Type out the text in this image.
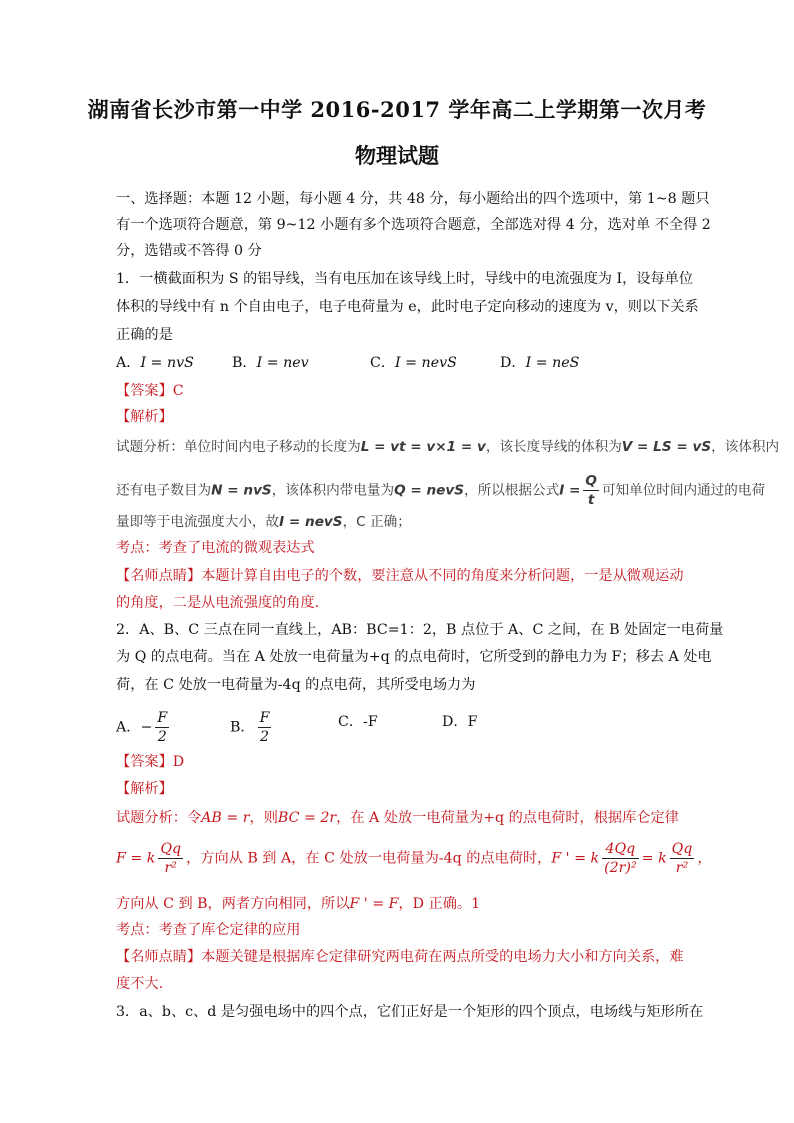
湖南省长沙市第一中学 2016-2017 学年高二上学期第一次月考
物理试题
一、选择题：本题 12 小题，每小题 4 分，共 48 分，每小题给出的四个选项中，第 1~8 题只
有一个选项符合题意，第 9~12 小题有多个选项符合题意，全部选对得 4 分，选对单 不全得 2
分，选错或不答得 0 分
1．一横截面积为 S 的铝导线，当有电压加在该导线上时，导线中的电流强度为 I，设每单位
体积的导线中有 n 个自由电子，电子电荷量为 e，此时电子定向移动的速度为 v，则以下关系
正确的是
A．I = nvS	B．I = nev	C．I = nevS	D．I = neS
【答案】C
【解析】
试题分析：单位时间内电子移动的长度为L = vt = v×1 = v，该长度导线的体积为V = LS = vS，该体积内
还有电子数目为N = nvS，该体积内带电量为Q = nevS，所以根据公式$I = \frac{Q}{t}$ 可知单位时间内通过的电荷
量即等于电流强度大小，故I = nevS，C 正确；
考点：考查了电流的微观表达式
【名师点睛】本题计算自由电子的个数，要注意从不同的角度来分析问题，一是从微观运动
的角度，二是从电流强度的角度.
2．A、B、C 三点在同一直线上，AB：BC=1：2，B 点位于 A、C 之间，在 B 处固定一电荷量
为 Q 的点电荷。当在 A 处放一电荷量为+q 的点电荷时，它所受到的静电力为 F；移去 A 处电
荷，在 C 处放一电荷量为-4q 的点电荷，其所受电场力为
A．− $\frac{F}{2}$	B． $\frac{F}{2}$	C．-F	D．F
【答案】D
【解析】
试题分析：令AB = r，则BC = 2r，在 A 处放一电荷量为+q 的点电荷时，根据库仑定律
F = k $\frac{Qq}{\text{r²}}$ ，方向从 B 到 A，在 C 处放一电荷量为-4q 的点电荷时，F ' = k $\frac{4Qq}{\text{(2r)²}} = k \frac{Qq}{\text{r²}}$ ，
方向从 C 到 B，两者方向相同，所以F ' = F，D 正确。1
考点：考查了库仑定律的应用
【名师点睛】本题关键是根据库仑定律研究两电荷在两点所受的电场力大小和方向关系，难
度不大.
3．a、b、c、d 是匀强电场中的四个点，它们正好是一个矩形的四个顶点，电场线与矩形所在
